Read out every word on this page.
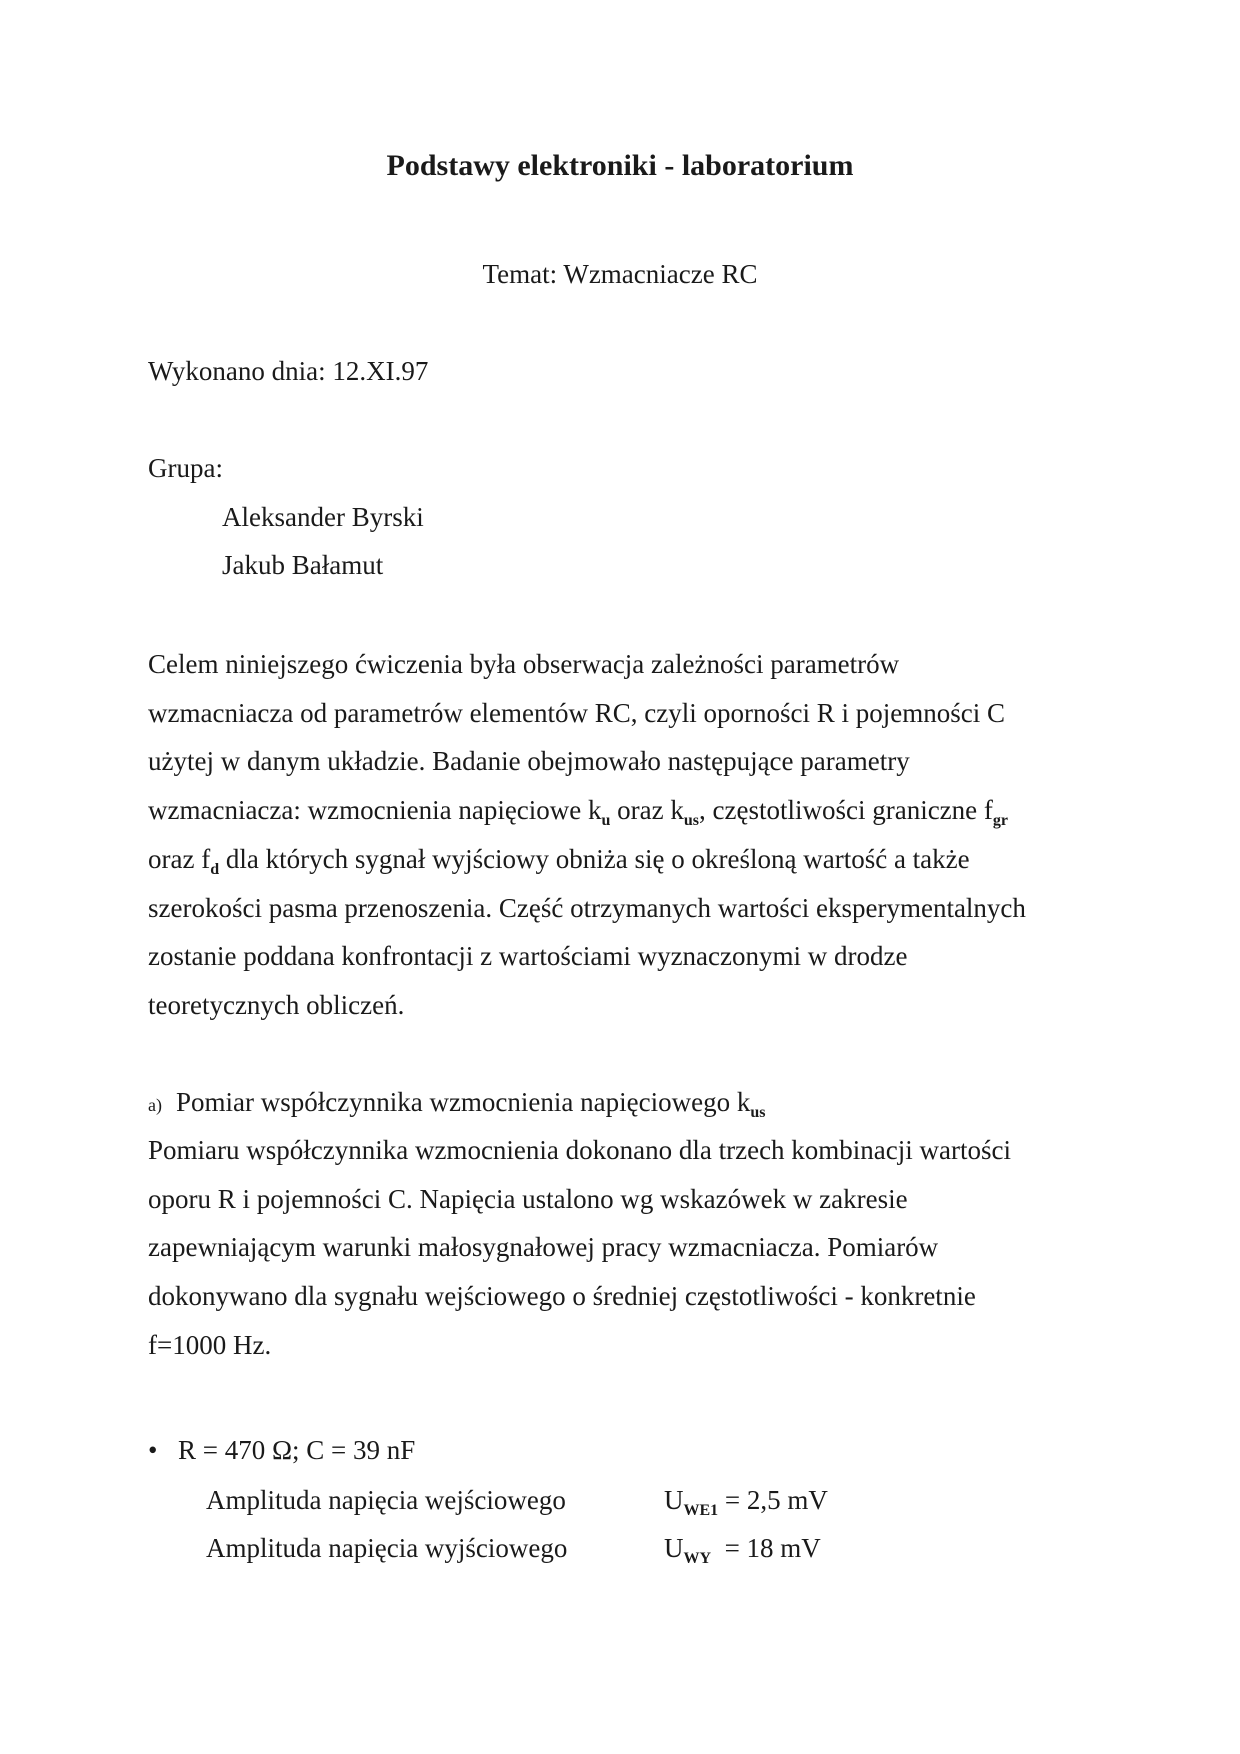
Podstawy elektroniki - laboratorium
Temat: Wzmacniacze RC
Wykonano dnia: 12.XI.97
Grupa:
Aleksander Byrski
Jakub Bałamut
Celem niniejszego ćwiczenia była obserwacja zależności parametrów
wzmacniacza od parametrów elementów RC, czyli oporności R i pojemności C
użytej w danym układzie. Badanie obejmowało następujące parametry
wzmacniacza: wzmocnienia napięciowe $k_u$ oraz $k_{us}$, częstotliwości graniczne $f_{gr}$
oraz $f_d$ dla których sygnał wyjściowy obniża się o określoną wartość a także
szerokości pasma przenoszenia. Część otrzymanych wartości eksperymentalnych
zostanie poddana konfrontacji z wartościami wyznaczonymi w drodze
teoretycznych obliczeń.
a) Pomiar współczynnika wzmocnienia napięciowego $k_{us}$
Pomiaru współczynnika wzmocnienia dokonano dla trzech kombinacji wartości
oporu R i pojemności C. Napięcia ustalono wg wskazówek w zakresie
zapewniającym warunki małosygnałowej pracy wzmacniacza. Pomiarów
dokonywano dla sygnału wejściowego o średniej częstotliwości - konkretnie
f=1000 Hz.
• R = 470 Ω; C = 39 nF
Amplituda napięcia wejściowego	$U_{WE1} = 2,5$ mV
Amplituda napięcia wyjściowego	$U_{WY} = 18$ mV
